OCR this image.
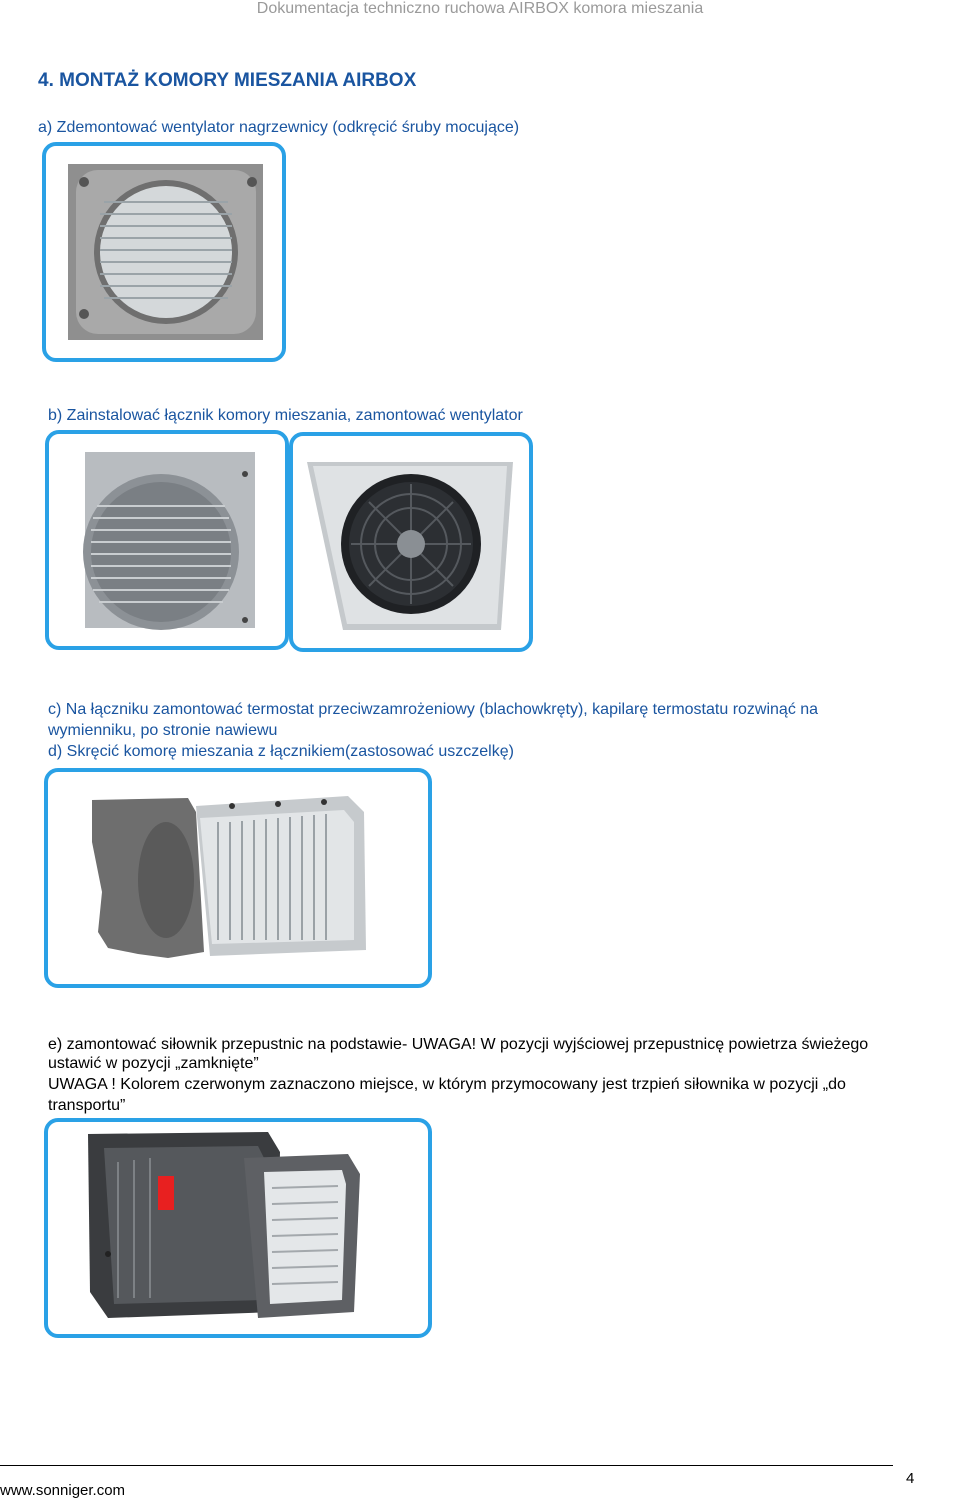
Dokumentacja techniczno ruchowa AIRBOX komora mieszania
4. MONTAŻ KOMORY MIESZANIA AIRBOX
a) Zdemontować wentylator nagrzewnicy (odkręcić śruby mocujące)
b) Zainstalować łącznik komory mieszania, zamontować wentylator
c) Na łączniku zamontować termostat przeciwzamrożeniowy (blachowkręty), kapilarę termostatu rozwinąć na
wymienniku, po stronie nawiewu
d) Skręcić komorę mieszania z łącznikiem(zastosować uszczelkę)
e) zamontować siłownik przepustnic na podstawie- UWAGA! W pozycji wyjściowej przepustnicę powietrza świeżego
ustawić w pozycji „zamknięte”
UWAGA ! Kolorem czerwonym zaznaczono miejsce, w którym przymocowany jest trzpień siłownika w pozycji „do
transportu”
www.sonniger.com
4
